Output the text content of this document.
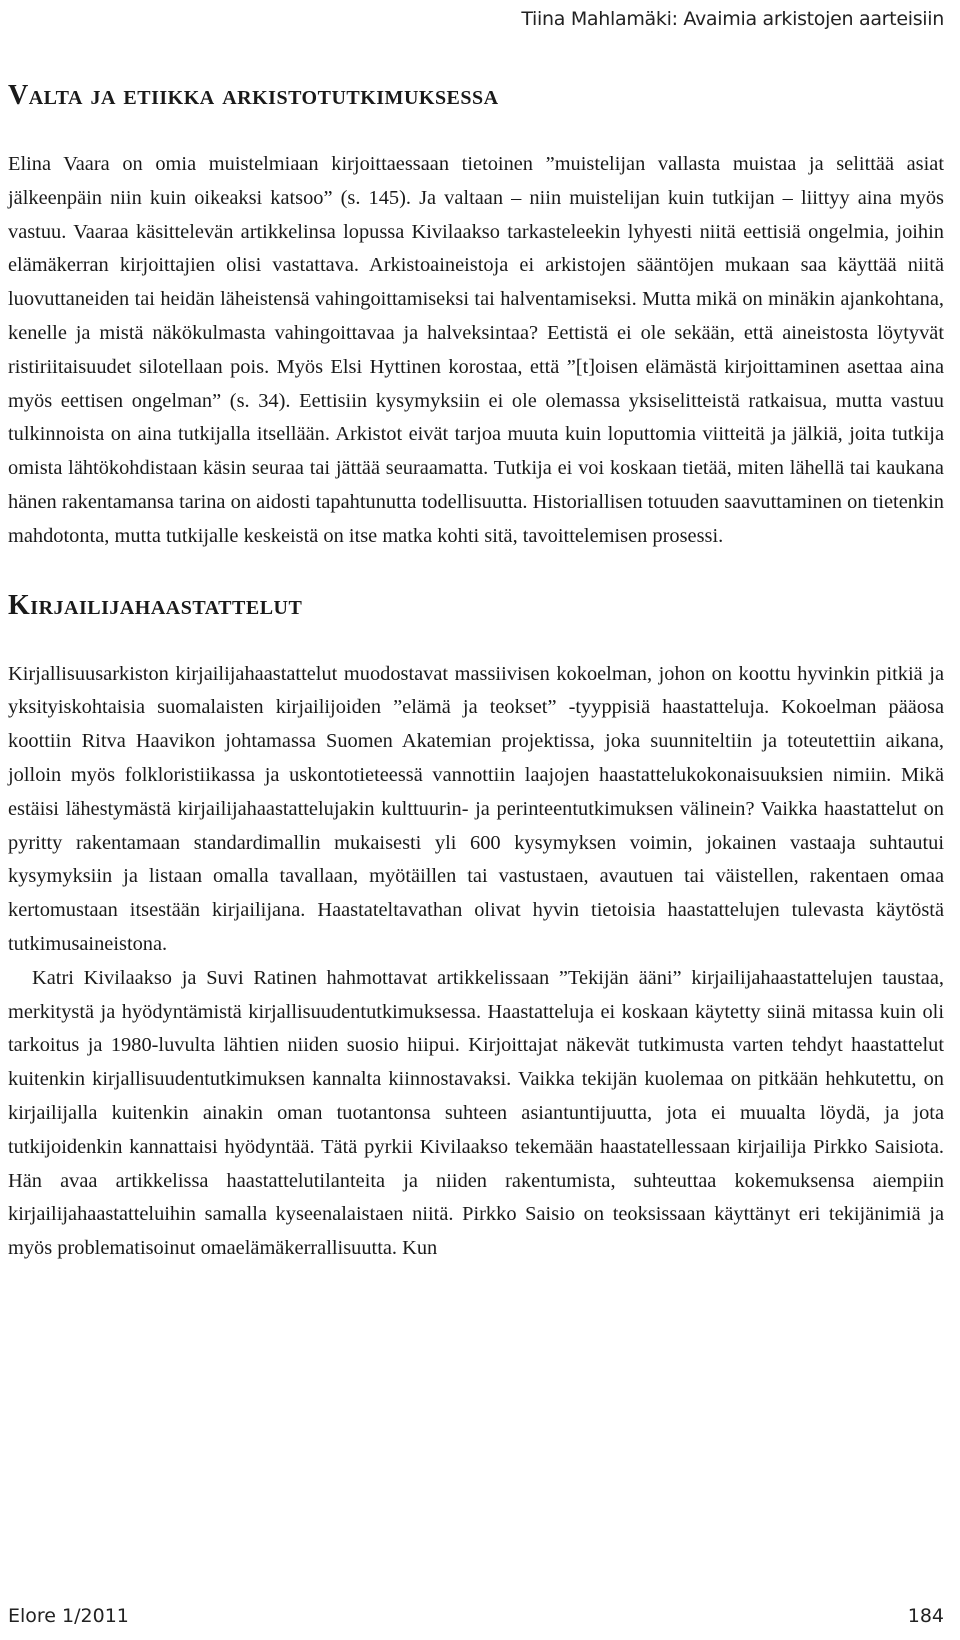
Tiina Mahlamäki: Avaimia arkistojen aarteisiin
Valta ja etiikka arkistotutkimuksessa

Elina Vaara on omia muistelmiaan kirjoittaessaan tietoinen ”muistelijan vallasta muistaa ja selittää asiat jälkeenpäin niin kuin oikeaksi katsoo” (s. 145). Ja valtaan – niin muistelijan kuin tutkijan – liittyy aina myös vastuu. Vaaraa käsittelevän artikkelinsa lopussa Kivilaakso tarkasteleekin lyhyesti niitä eettisiä ongelmia, joihin elämäkerran kirjoittajien olisi vastattava. Arkistoaineistoja ei arkistojen sääntöjen mukaan saa käyttää niitä luovuttaneiden tai heidän läheistensä vahingoittamiseksi tai halventamiseksi. Mutta mikä on minäkin ajankohtana, kenelle ja mistä näkökulmasta vahingoittavaa ja halveksintaa? Eettistä ei ole sekään, että aineistosta löytyvät ristiriitaisuudet silotellaan pois. Myös Elsi Hyttinen korostaa, että ”[t]oisen elämästä kirjoittaminen asettaa aina myös eettisen ongelman” (s. 34). Eettisiin kysymyksiin ei ole olemassa yksiselitteistä ratkaisua, mutta vastuu tulkinnoista on aina tutkijalla itsellään. Arkistot eivät tarjoa muuta kuin loputtomia viitteitä ja jälkiä, joita tutkija omista lähtökohdistaan käsin seuraa tai jättää seuraamatta. Tutkija ei voi koskaan tietää, miten lähellä tai kaukana hänen rakentamansa tarina on aidosti tapahtunutta todellisuutta. Historiallisen totuuden saavuttaminen on tietenkin mahdotonta, mutta tutkijalle keskeistä on itse matka kohti sitä, tavoittelemisen prosessi.

Kirjailijahaastattelut

Kirjallisuusarkiston kirjailijahaastattelut muodostavat massiivisen kokoelman, johon on koottu hyvinkin pitkiä ja yksityiskohtaisia suomalaisten kirjailijoiden ”elämä ja teokset” -tyyppisiä haastatteluja. Kokoelman pääosa koottiin Ritva Haavikon johtamassa Suomen Akatemian projektissa, joka suunniteltiin ja toteutettiin aikana, jolloin myös folkloristiikassa ja uskontotieteessä vannottiin laajojen haastattelukokonaisuuksien nimiin. Mikä estäisi lähestymästä kirjailijahaastattelujakin kulttuurin- ja perinteentutkimuksen välinein? Vaikka haastattelut on pyritty rakentamaan standardimallin mukaisesti yli 600 kysymyksen voimin, jokainen vastaaja suhtautui kysymyksiin ja listaan omalla tavallaan, myötäillen tai vastustaen, avautuen tai väistellen, rakentaen omaa kertomustaan itsestään kirjailijana. Haastateltavathan olivat hyvin tietoisia haastattelujen tulevasta käytöstä tutkimusaineistona.

Katri Kivilaakso ja Suvi Ratinen hahmottavat artikkelissaan ”Tekijän ääni” kirjailijahaastattelujen taustaa, merkitystä ja hyödyntämistä kirjallisuudentutkimuksessa. Haastatteluja ei koskaan käytetty siinä mitassa kuin oli tarkoitus ja 1980-luvulta lähtien niiden suosio hiipui. Kirjoittajat näkevät tutkimusta varten tehdyt haastattelut kuitenkin kirjallisuudentutkimuksen kannalta kiinnostavaksi. Vaikka tekijän kuolemaa on pitkään hehkutettu, on kirjailijalla kuitenkin ainakin oman tuotantonsa suhteen asiantuntijuutta, jota ei muualta löydä, ja jota tutkijoidenkin kannattaisi hyödyntää. Tätä pyrkii Kivilaakso tekemään haastatellessaan kirjailija Pirkko Saisiota. Hän avaa artikkelissa haastattelutilanteita ja niiden rakentumista, suhteuttaa kokemuksensa aiempiin kirjailijahaastatteluihin samalla kyseenalaistaen niitä. Pirkko Saisio on teoksissaan käyttänyt eri tekijänimiä ja myös problematisoinut omaelämäkerrallisuutta. Kun

Elore 1/2011	184
